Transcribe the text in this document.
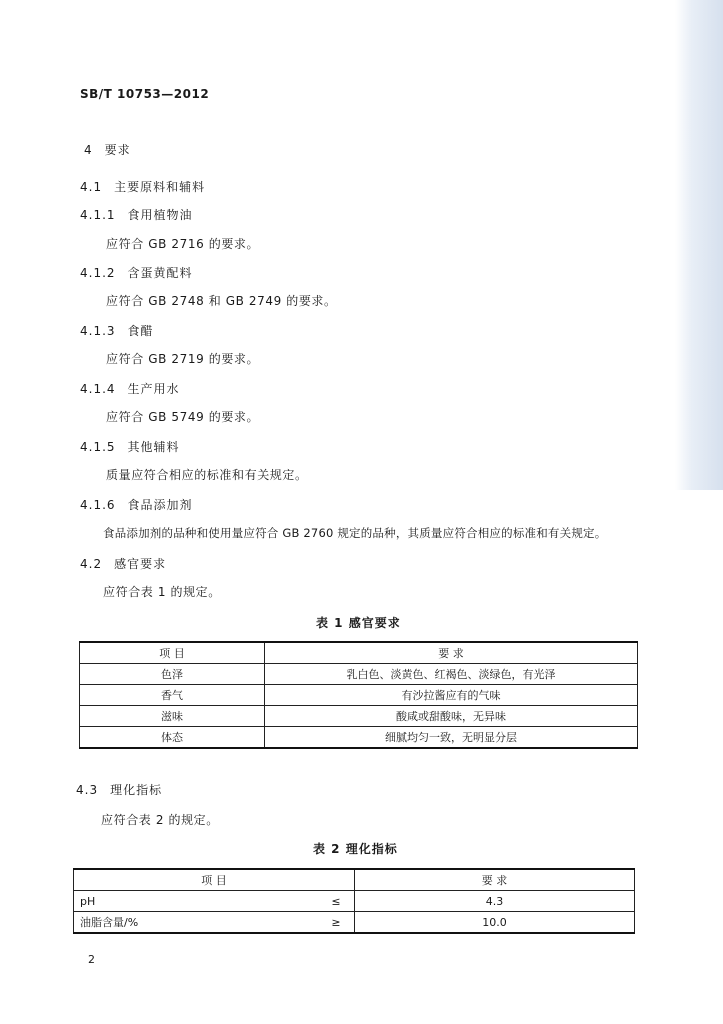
SB/T 10753—2012
4 要求
4.1 主要原料和辅料
4.1.1 食用植物油
应符合 GB 2716 的要求。
4.1.2 含蛋黄配料
应符合 GB 2748 和 GB 2749 的要求。
4.1.3 食醋
应符合 GB 2719 的要求。
4.1.4 生产用水
应符合 GB 5749 的要求。
4.1.5 其他辅料
质量应符合相应的标准和有关规定。
4.1.6 食品添加剂
食品添加剂的品种和使用量应符合 GB 2760 规定的品种，其质量应符合相应的标准和有关规定。
4.2 感官要求
应符合表 1 的规定。
表 1 感官要求
项 目	要 求
色泽	乳白色、淡黄色、红褐色、淡绿色，有光泽
香气	有沙拉酱应有的气味
滋味	酸咸或甜酸味，无异味
体态	细腻均匀一致，无明显分层
4.3 理化指标
应符合表 2 的规定。
表 2 理化指标
项 目		要 求
pH	≤	4.3
油脂含量/%	≥	10.0
2
